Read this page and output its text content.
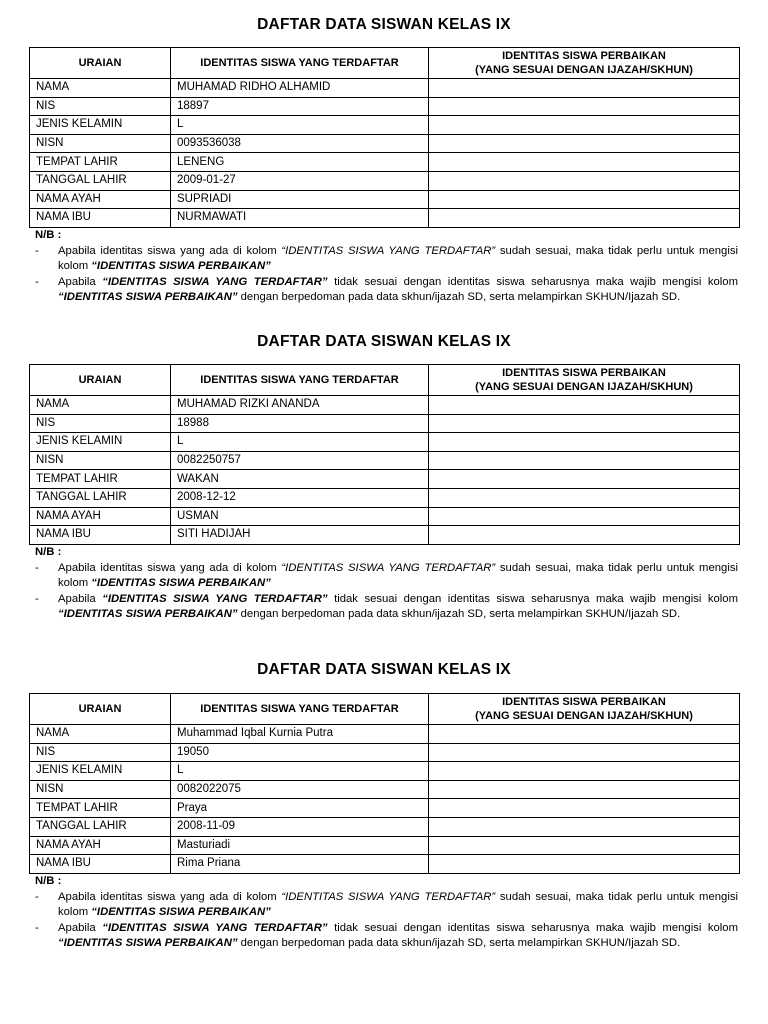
DAFTAR DATA SISWAN KELAS IX
URAIAN	IDENTITAS SISWA YANG TERDAFTAR	IDENTITAS SISWA PERBAIKAN
(YANG SESUAI DENGAN IJAZAH/SKHUN)

NAMA	MUHAMAD RIDHO ALHAMID	
NIS	18897	
JENIS KELAMIN	L	
NISN	0093536038	
TEMPAT LAHIR	LENENG	
TANGGAL LAHIR	2009-01-27	
NAMA AYAH	SUPRIADI	
NAMA IBU	NURMAWATI	
N/B :
- Apabila identitas siswa yang ada di kolom “IDENTITAS SISWA YANG TERDAFTAR” sudah sesuai, maka tidak perlu untuk mengisi kolom “IDENTITAS SISWA PERBAIKAN”
- Apabila “IDENTITAS SISWA YANG TERDAFTAR” tidak sesuai dengan identitas siswa seharusnya maka wajib mengisi kolom “IDENTITAS SISWA PERBAIKAN” dengan berpedoman pada data skhun/ijazah SD, serta melampirkan SKHUN/Ijazah SD.
DAFTAR DATA SISWAN KELAS IX
URAIAN	IDENTITAS SISWA YANG TERDAFTAR	IDENTITAS SISWA PERBAIKAN
(YANG SESUAI DENGAN IJAZAH/SKHUN)

NAMA	MUHAMAD RIZKI ANANDA	
NIS	18988	
JENIS KELAMIN	L	
NISN	0082250757	
TEMPAT LAHIR	WAKAN	
TANGGAL LAHIR	2008-12-12	
NAMA AYAH	USMAN	
NAMA IBU	SITI HADIJAH	
N/B :
- Apabila identitas siswa yang ada di kolom “IDENTITAS SISWA YANG TERDAFTAR” sudah sesuai, maka tidak perlu untuk mengisi kolom “IDENTITAS SISWA PERBAIKAN”
- Apabila “IDENTITAS SISWA YANG TERDAFTAR” tidak sesuai dengan identitas siswa seharusnya maka wajib mengisi kolom “IDENTITAS SISWA PERBAIKAN” dengan berpedoman pada data skhun/ijazah SD, serta melampirkan SKHUN/Ijazah SD.
DAFTAR DATA SISWAN KELAS IX
URAIAN	IDENTITAS SISWA YANG TERDAFTAR	IDENTITAS SISWA PERBAIKAN
(YANG SESUAI DENGAN IJAZAH/SKHUN)

NAMA	Muhammad Iqbal Kurnia Putra	
NIS	19050	
JENIS KELAMIN	L	
NISN	0082022075	
TEMPAT LAHIR	Praya	
TANGGAL LAHIR	2008-11-09	
NAMA AYAH	Masturiadi	
NAMA IBU	Rima Priana	
N/B :
- Apabila identitas siswa yang ada di kolom “IDENTITAS SISWA YANG TERDAFTAR” sudah sesuai, maka tidak perlu untuk mengisi kolom “IDENTITAS SISWA PERBAIKAN”
- Apabila “IDENTITAS SISWA YANG TERDAFTAR” tidak sesuai dengan identitas siswa seharusnya maka wajib mengisi kolom “IDENTITAS SISWA PERBAIKAN” dengan berpedoman pada data skhun/ijazah SD, serta melampirkan SKHUN/Ijazah SD.
